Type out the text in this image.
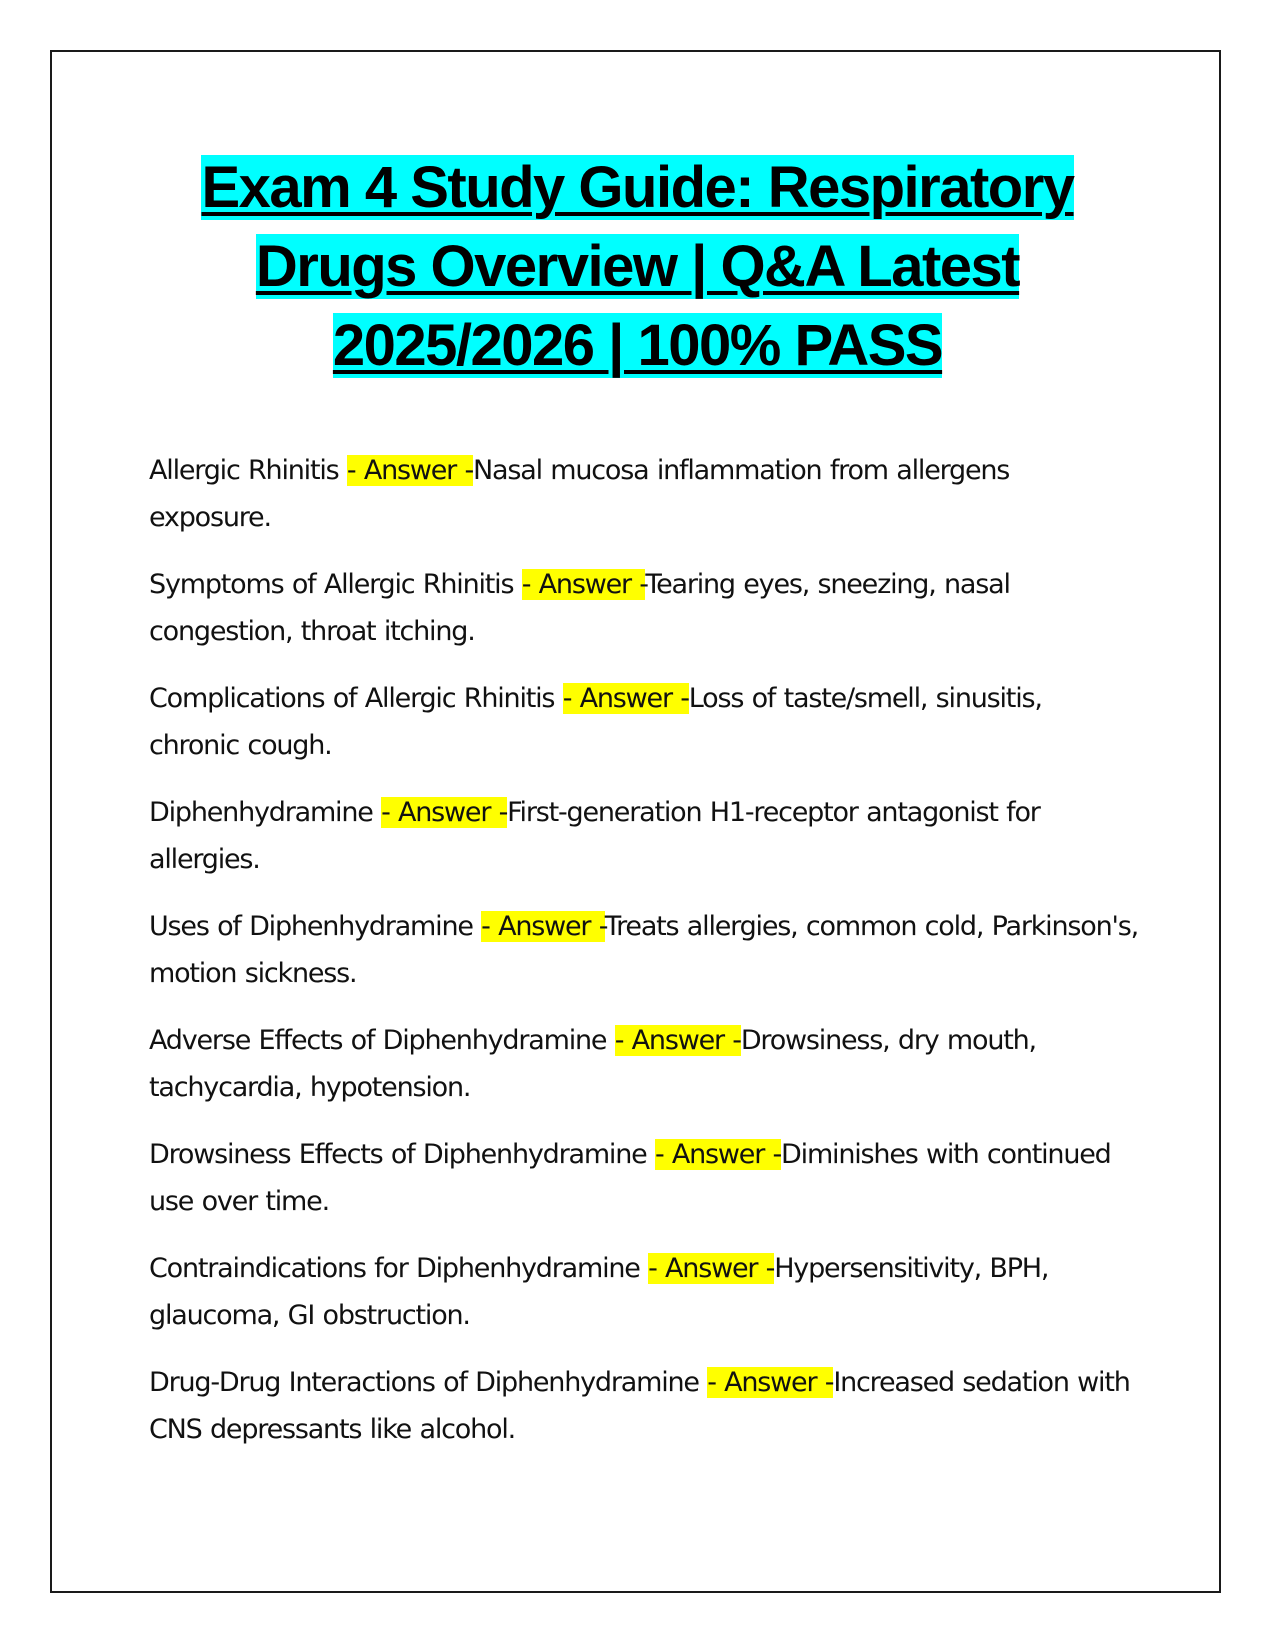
Exam 4 Study Guide: Respiratory
Drugs Overview | Q&A Latest
2025/2026 | 100% PASS
Allergic Rhinitis - Answer -Nasal mucosa inflammation from allergens exposure.
Symptoms of Allergic Rhinitis - Answer -Tearing eyes, sneezing, nasal congestion, throat itching.
Complications of Allergic Rhinitis - Answer -Loss of taste/smell, sinusitis, chronic cough.
Diphenhydramine - Answer -First-generation H1-receptor antagonist for allergies.
Uses of Diphenhydramine - Answer -Treats allergies, common cold, Parkinson's, motion sickness.
Adverse Effects of Diphenhydramine - Answer -Drowsiness, dry mouth, tachycardia, hypotension.
Drowsiness Effects of Diphenhydramine - Answer -Diminishes with continued use over time.
Contraindications for Diphenhydramine - Answer -Hypersensitivity, BPH, glaucoma, GI obstruction.
Drug-Drug Interactions of Diphenhydramine - Answer -Increased sedation with CNS depressants like alcohol.
